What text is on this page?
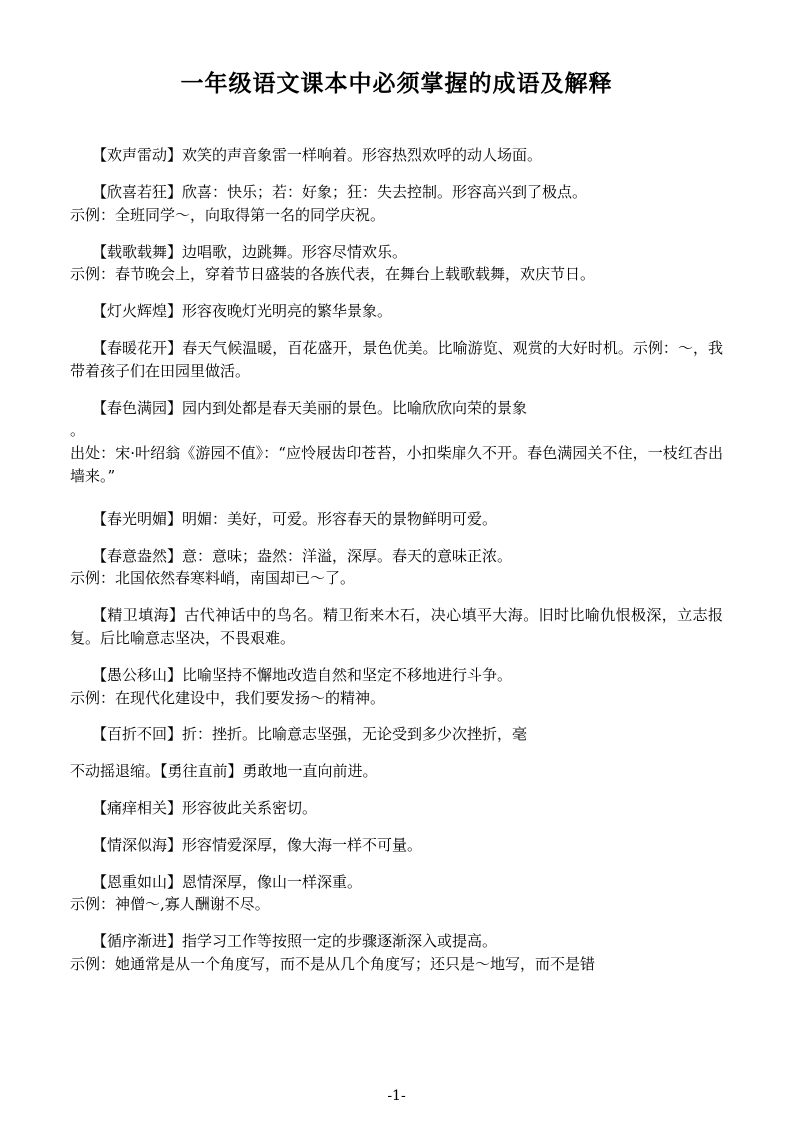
一年级语文课本中必须掌握的成语及解释

【欢声雷动】欢笑的声音象雷一样响着。形容热烈欢呼的动人场面。

【欣喜若狂】欣喜：快乐；若：好象；狂：失去控制。形容高兴到了极点。

示例：全班同学～，向取得第一名的同学庆祝。

【载歌载舞】边唱歌，边跳舞。形容尽情欢乐。

示例：春节晚会上，穿着节日盛装的各族代表，在舞台上载歌载舞，欢庆节日。

【灯火辉煌】形容夜晚灯光明亮的繁华景象。

【春暖花开】春天气候温暖，百花盛开，景色优美。比喻游览、观赏的大好时机。示例：～，我带着孩子们在田园里做活。

【春色满园】园内到处都是春天美丽的景色。比喻欣欣向荣的景象

。

出处：宋·叶绍翁《游园不值》：“应怜屐齿印苍苔，小扣柴扉久不开。春色满园关不住，一枝红杏出墙来。”

【春光明媚】明媚：美好，可爱。形容春天的景物鲜明可爱。

【春意盎然】意：意味；盎然：洋溢，深厚。春天的意味正浓。

示例：北国依然春寒料峭，南国却已～了。

【精卫填海】古代神话中的鸟名。精卫衔来木石，决心填平大海。旧时比喻仇恨极深，立志报复。后比喻意志坚决，不畏艰难。

【愚公移山】比喻坚持不懈地改造自然和坚定不移地进行斗争。

示例：在现代化建设中，我们要发扬～的精神。

【百折不回】折：挫折。比喻意志坚强，无论受到多少次挫折，毫

不动摇退缩。【勇往直前】勇敢地一直向前进。

【痛痒相关】形容彼此关系密切。

【情深似海】形容情爱深厚，像大海一样不可量。

【恩重如山】恩情深厚，像山一样深重。

示例：神僧～,寡人酬谢不尽。

【循序渐进】指学习工作等按照一定的步骤逐渐深入或提高。

示例：她通常是从一个角度写，而不是从几个角度写；还只是～地写，而不是错

-1-
